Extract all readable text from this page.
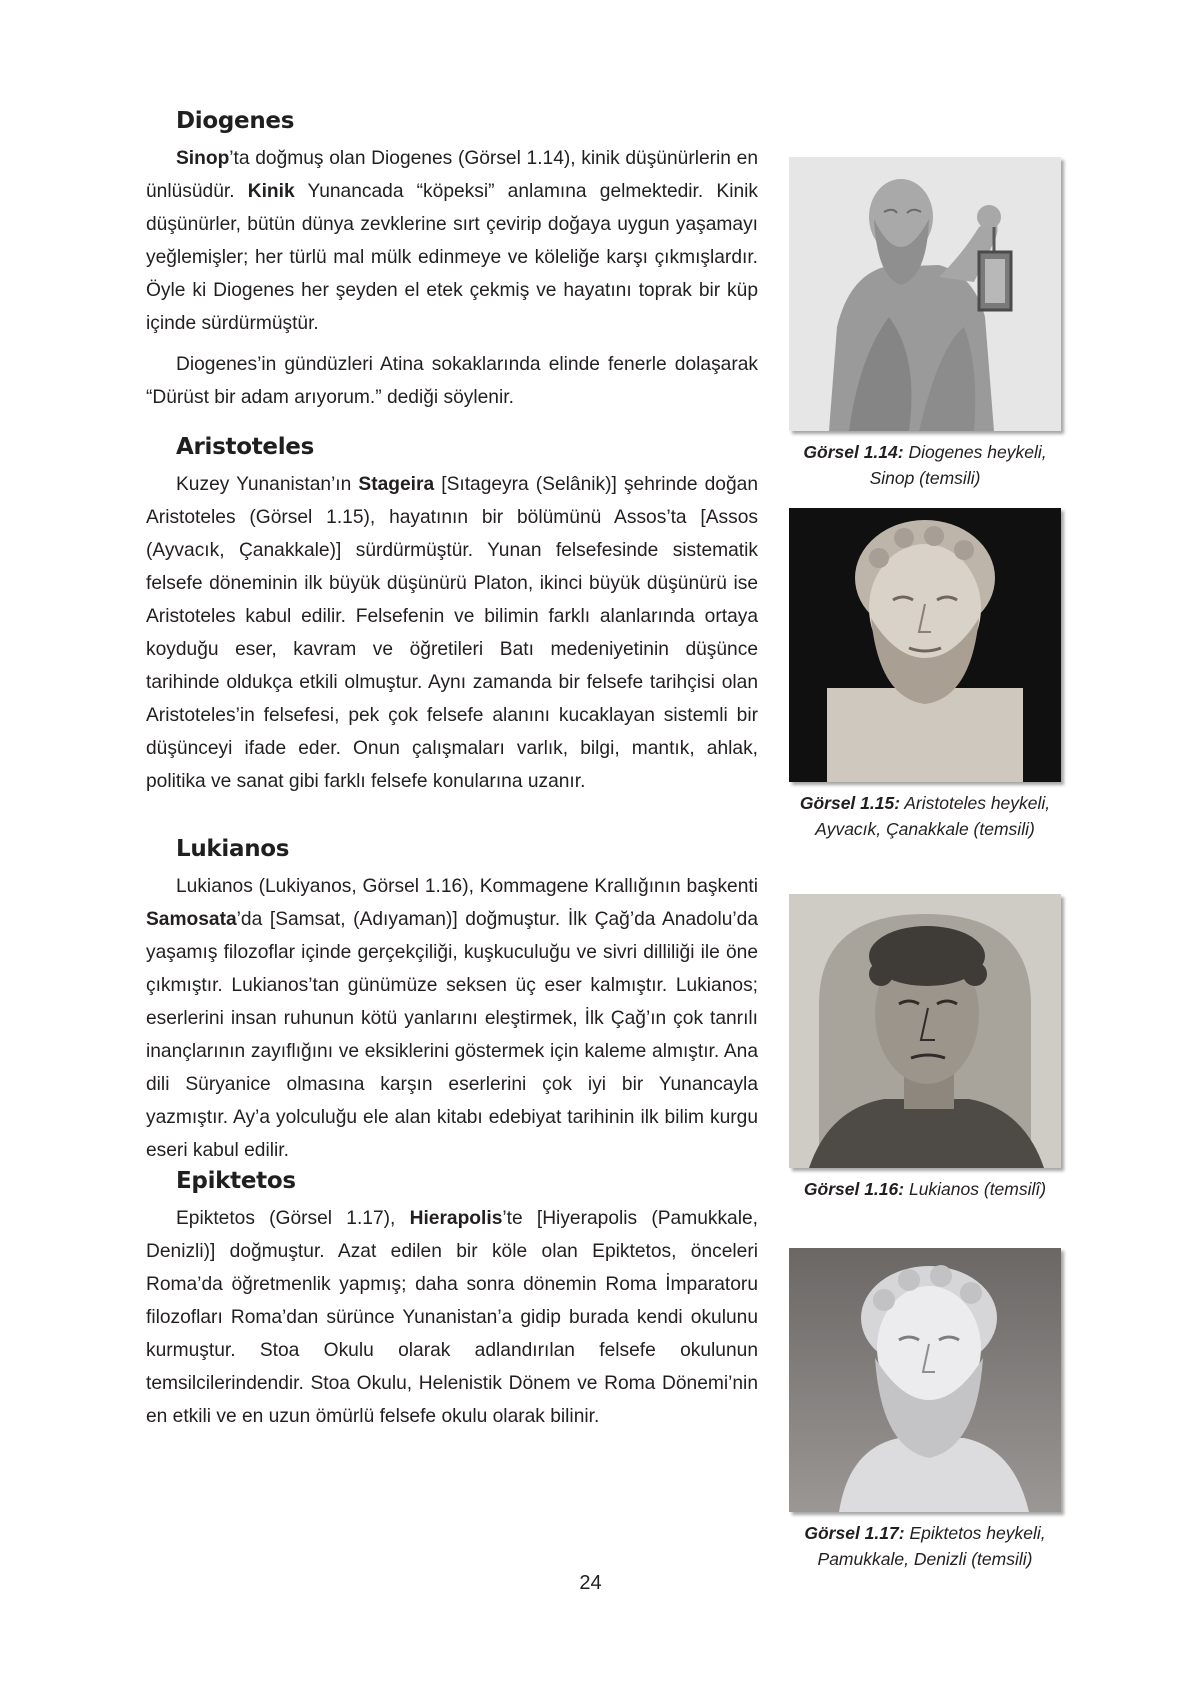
Diogenes

Sinop’ta doğmuş olan Diogenes (Görsel 1.14), kinik düşünürlerin en ünlüsüdür. Kinik Yunancada “köpeksi” anlamına gelmektedir. Kinik düşünürler, bütün dünya zevklerine sırt çevirip doğaya uygun yaşamayı yeğlemişler; her türlü mal mülk edinmeye ve köleliğe karşı çıkmışlardır. Öyle ki Diogenes her şeyden el etek çekmiş ve hayatını toprak bir küp içinde sürdürmüştür.

Diogenes’in gündüzleri Atina sokaklarında elinde fenerle dolaşarak “Dürüst bir adam arıyorum.” dediği söylenir.

Aristoteles

Kuzey Yunanistan’ın Stageira [Sıtageyra (Selânik)] şehrinde doğan Aristoteles (Görsel 1.15), hayatının bir bölümünü Assos’ta [Assos (Ayvacık, Çanakkale)] sürdürmüştür. Yunan felsefesinde sistematik felsefe döneminin ilk büyük düşünürü Platon, ikinci büyük düşünürü ise Aristoteles kabul edilir. Felsefenin ve bilimin farklı alanlarında ortaya koyduğu eser, kavram ve öğretileri Batı medeniyetinin düşünce tarihinde oldukça etkili olmuştur. Aynı zamanda bir felsefe tarihçisi olan Aristoteles’in felsefesi, pek çok felsefe alanını kucaklayan sistemli bir düşünceyi ifade eder. Onun çalışmaları varlık, bilgi, mantık, ahlak, politika ve sanat gibi farklı felsefe konularına uzanır.

Lukianos

Lukianos (Lukiyanos, Görsel 1.16), Kommagene Krallığının başkenti Samosata’da [Samsat, (Adıyaman)] doğmuştur. İlk Çağ’da Anadolu’da yaşamış filozoflar içinde gerçekçiliği, kuşkuculuğu ve sivri dilliliği ile öne çıkmıştır. Lukianos’tan günümüze seksen üç eser kalmıştır. Lukianos; eserlerini insan ruhunun kötü yanlarını eleştirmek, İlk Çağ’ın çok tanrılı inançlarının zayıflığını ve eksiklerini göstermek için kaleme almıştır. Ana dili Süryanice olmasına karşın eserlerini çok iyi bir Yunancayla yazmıştır. Ay’a yolculuğu ele alan kitabı edebiyat tarihinin ilk bilim kurgu eseri kabul edilir.

Epiktetos

Epiktetos (Görsel 1.17), Hierapolis’te [Hiyerapolis (Pamukkale, Denizli)] doğmuştur. Azat edilen bir köle olan Epiktetos, önceleri Roma’da öğretmenlik yapmış; daha sonra dönemin Roma İmparatoru filozofları Roma’dan sürünce Yunanistan’a gidip burada kendi okulunu kurmuştur. Stoa Okulu olarak adlandırılan felsefe okulunun temsilcilerindendir. Stoa Okulu, Helenistik Dönem ve Roma Dönemi’nin en etkili ve en uzun ömürlü felsefe okulu olarak bilinir.

Görsel 1.14: Diogenes heykeli,
Sinop (temsili)
Görsel 1.15: Aristoteles heykeli,
Ayvacık, Çanakkale (temsili)
Görsel 1.16: Lukianos (temsilî)
Görsel 1.17: Epiktetos heykeli,
Pamukkale, Denizli (temsili)
24
